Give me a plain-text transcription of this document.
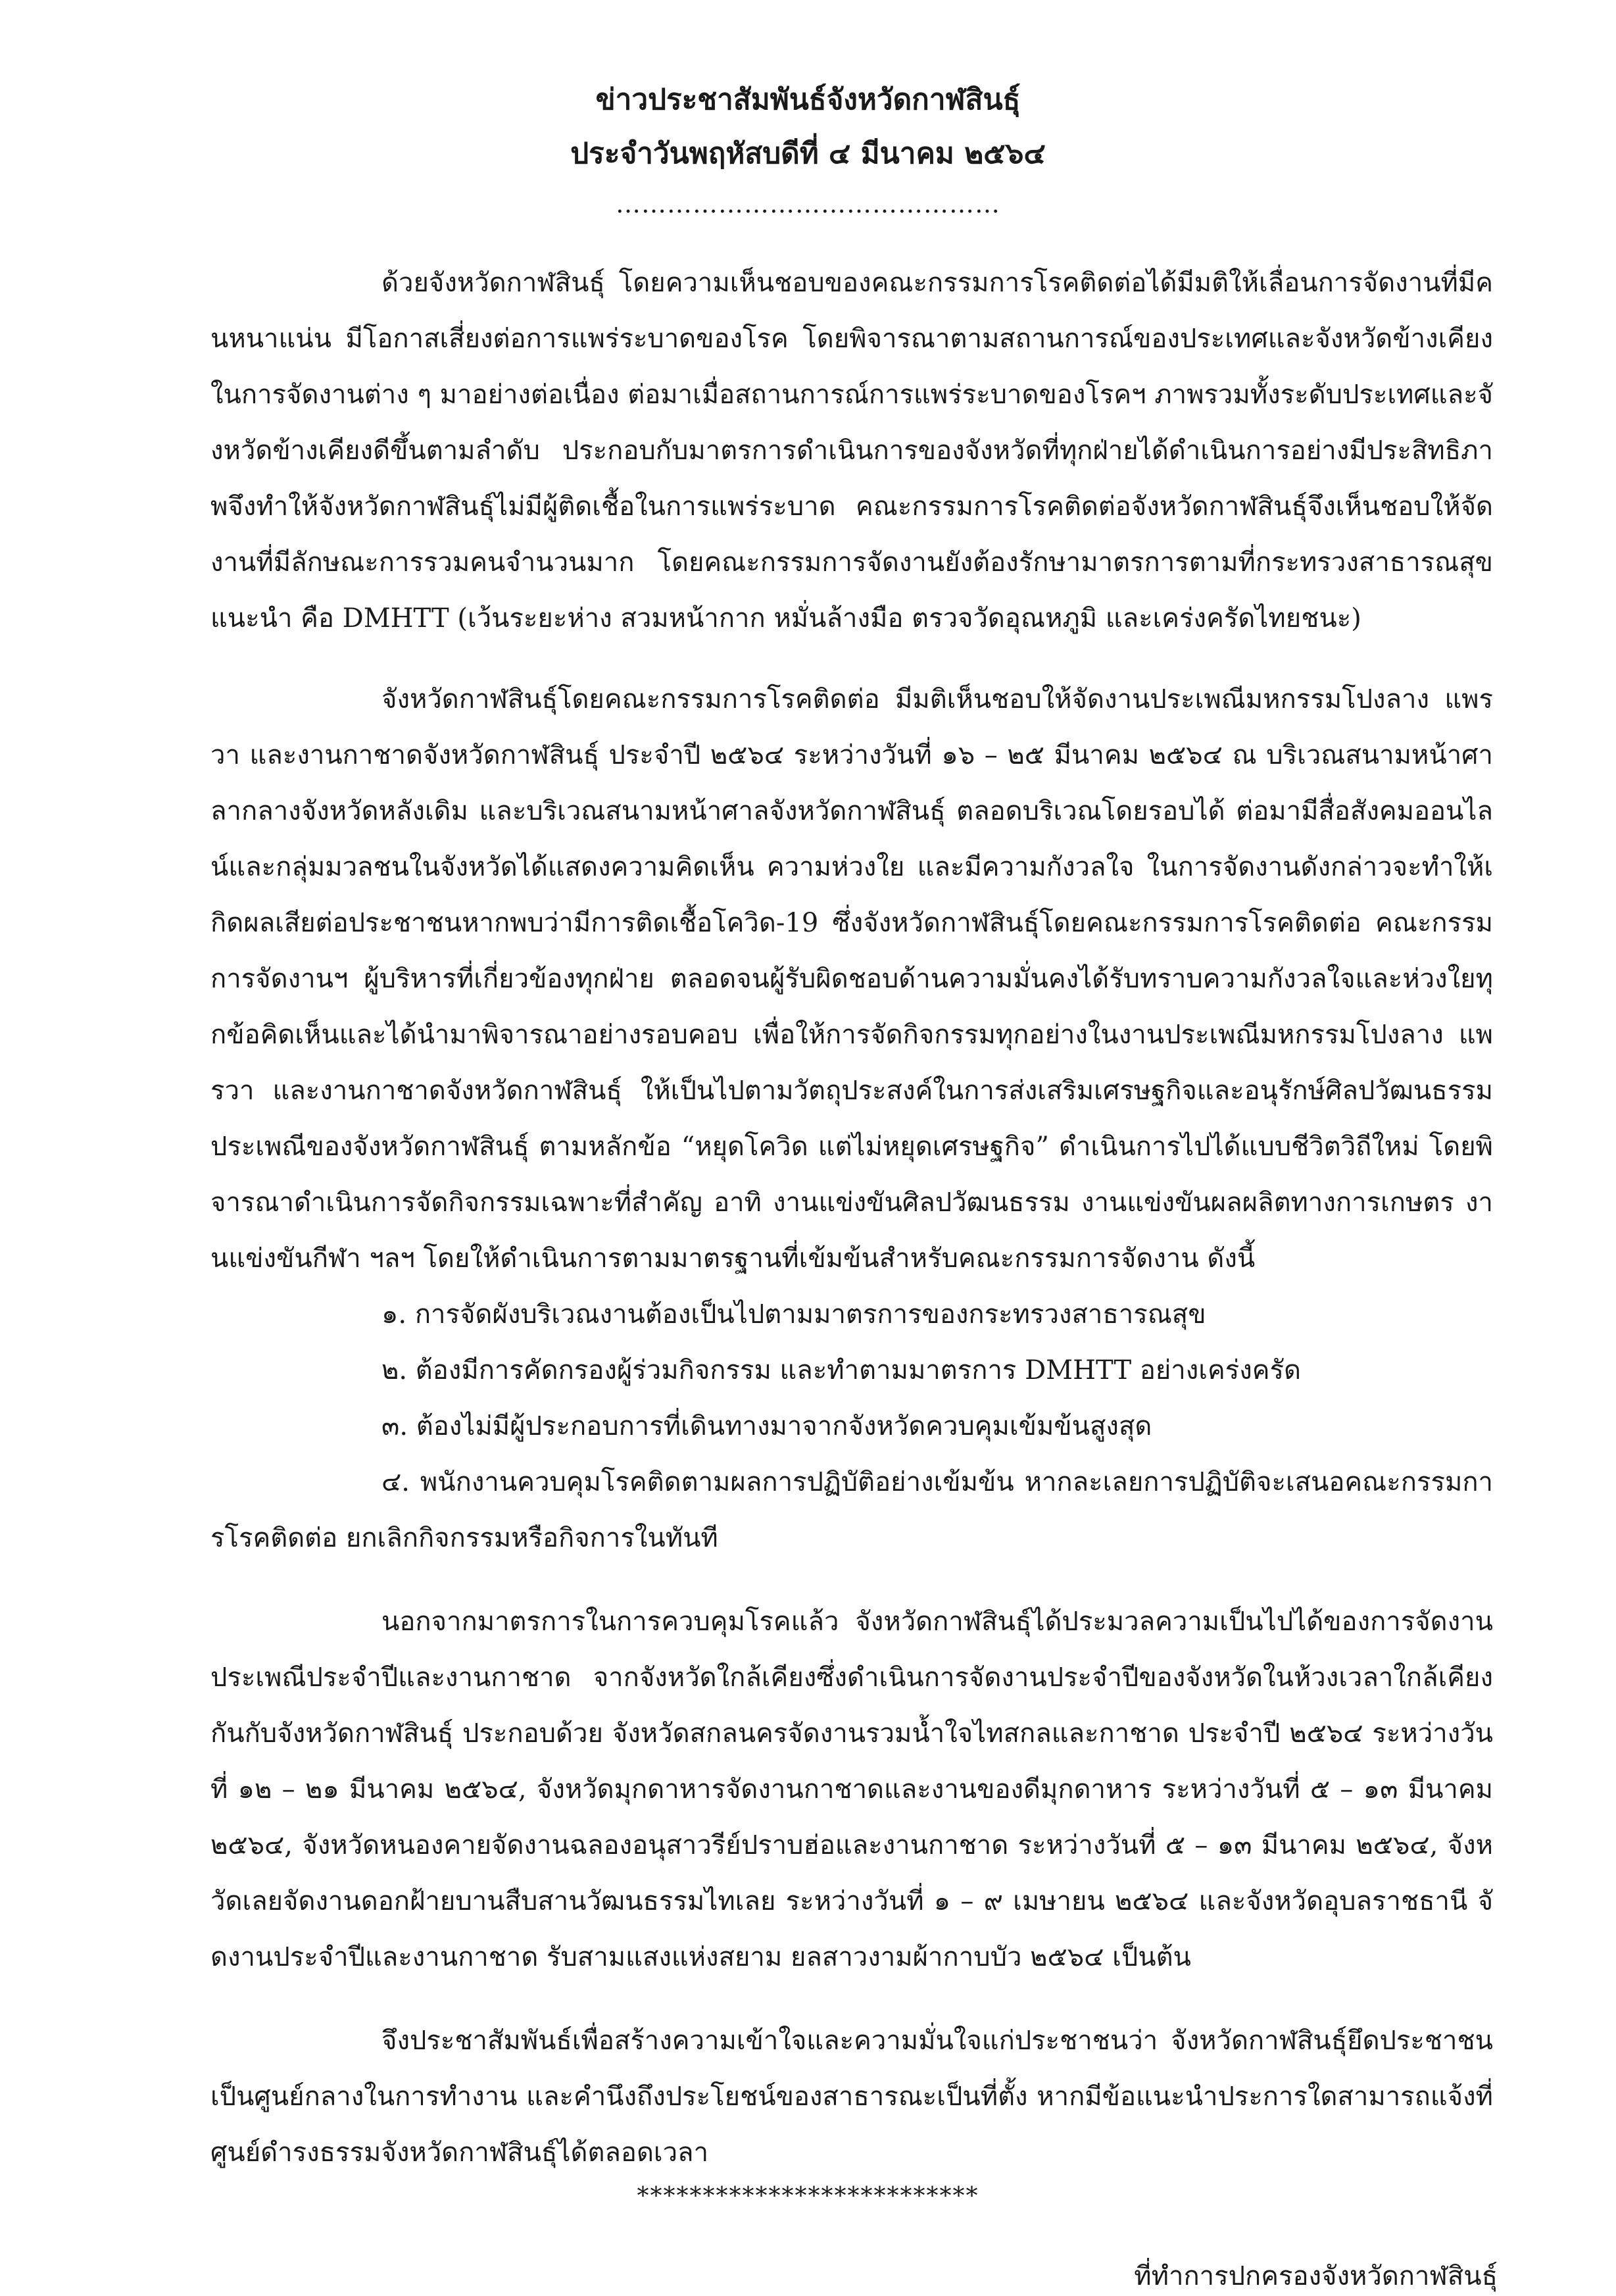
ข่าวประชาสัมพันธ์จังหวัดกาฬสินธุ์
ประจำวันพฤหัสบดีที่ ๔ มีนาคม ๒๕๖๔
………………………………………

ด้วยจังหวัดกาฬสินธุ์ โดยความเห็นชอบของคณะกรรมการโรคติดต่อได้มีมติให้เลื่อนการจัดงานที่มีคนหนาแน่น มีโอกาสเสี่ยงต่อการแพร่ระบาดของโรค โดยพิจารณาตามสถานการณ์ของประเทศและจังหวัดข้างเคียงในการจัดงานต่าง ๆ มาอย่างต่อเนื่อง ต่อมาเมื่อสถานการณ์การแพร่ระบาดของโรคฯ ภาพรวมทั้งระดับประเทศและจังหวัดข้างเคียงดีขึ้นตามลำดับ ประกอบกับมาตรการดำเนินการของจังหวัดที่ทุกฝ่ายได้ดำเนินการอย่างมีประสิทธิภาพจึงทำให้จังหวัดกาฬสินธุ์ไม่มีผู้ติดเชื้อในการแพร่ระบาด คณะกรรมการโรคติดต่อจังหวัดกาฬสินธุ์จึงเห็นชอบให้จัดงานที่มีลักษณะการรวมคนจำนวนมาก โดยคณะกรรมการจัดงานยังต้องรักษามาตรการตามที่กระทรวงสาธารณสุขแนะนำ คือ DMHTT (เว้นระยะห่าง สวมหน้ากาก หมั่นล้างมือ ตรวจวัดอุณหภูมิ และเคร่งครัดไทยชนะ)

จังหวัดกาฬสินธุ์โดยคณะกรรมการโรคติดต่อ มีมติเห็นชอบให้จัดงานประเพณีมหกรรมโปงลาง แพรวา และงานกาชาดจังหวัดกาฬสินธุ์ ประจำปี ๒๕๖๔ ระหว่างวันที่ ๑๖ – ๒๕ มีนาคม ๒๕๖๔ ณ บริเวณสนามหน้าศาลากลางจังหวัดหลังเดิม และบริเวณสนามหน้าศาลจังหวัดกาฬสินธุ์ ตลอดบริเวณโดยรอบได้ ต่อมามีสื่อสังคมออนไลน์และกลุ่มมวลชนในจังหวัดได้แสดงความคิดเห็น ความห่วงใย และมีความกังวลใจ ในการจัดงานดังกล่าวจะทำให้เกิดผลเสียต่อประชาชนหากพบว่ามีการติดเชื้อโควิด-19 ซึ่งจังหวัดกาฬสินธุ์โดยคณะกรรมการโรคติดต่อ คณะกรรมการจัดงานฯ ผู้บริหารที่เกี่ยวข้องทุกฝ่าย ตลอดจนผู้รับผิดชอบด้านความมั่นคงได้รับทราบความกังวลใจและห่วงใยทุกข้อคิดเห็นและได้นำมาพิจารณาอย่างรอบคอบ เพื่อให้การจัดกิจกรรมทุกอย่างในงานประเพณีมหกรรมโปงลาง แพรวา และงานกาชาดจังหวัดกาฬสินธุ์ ให้เป็นไปตามวัตถุประสงค์ในการส่งเสริมเศรษฐกิจและอนุรักษ์ศิลปวัฒนธรรม ประเพณีของจังหวัดกาฬสินธุ์ ตามหลักข้อ “หยุดโควิด แต่ไม่หยุดเศรษฐกิจ” ดำเนินการไปได้แบบชีวิตวิถีใหม่ โดยพิจารณาดำเนินการจัดกิจกรรมเฉพาะที่สำคัญ อาทิ งานแข่งขันศิลปวัฒนธรรม งานแข่งขันผลผลิตทางการเกษตร งานแข่งขันกีฬา ฯลฯ โดยให้ดำเนินการตามมาตรฐานที่เข้มข้นสำหรับคณะกรรมการจัดงาน ดังนี้

๑. การจัดผังบริเวณงานต้องเป็นไปตามมาตรการของกระทรวงสาธารณสุข

๒. ต้องมีการคัดกรองผู้ร่วมกิจกรรม และทำตามมาตรการ DMHTT อย่างเคร่งครัด

๓. ต้องไม่มีผู้ประกอบการที่เดินทางมาจากจังหวัดควบคุมเข้มข้นสูงสุด

๔. พนักงานควบคุมโรคติดตามผลการปฏิบัติอย่างเข้มข้น หากละเลยการปฏิบัติจะเสนอคณะกรรมการโรคติดต่อ ยกเลิกกิจกรรมหรือกิจการในทันที

นอกจากมาตรการในการควบคุมโรคแล้ว จังหวัดกาฬสินธุ์ได้ประมวลความเป็นไปได้ของการจัดงานประเพณีประจำปีและงานกาชาด จากจังหวัดใกล้เคียงซึ่งดำเนินการจัดงานประจำปีของจังหวัดในห้วงเวลาใกล้เคียงกันกับจังหวัดกาฬสินธุ์ ประกอบด้วย จังหวัดสกลนครจัดงานรวมน้ำใจไทสกลและกาชาด ประจำปี ๒๕๖๔ ระหว่างวันที่ ๑๒ – ๒๑ มีนาคม ๒๕๖๔, จังหวัดมุกดาหารจัดงานกาชาดและงานของดีมุกดาหาร ระหว่างวันที่ ๕ – ๑๓ มีนาคม ๒๕๖๔, จังหวัดหนองคายจัดงานฉลองอนุสาวรีย์ปราบฮ่อและงานกาชาด ระหว่างวันที่ ๕ – ๑๓ มีนาคม ๒๕๖๔, จังหวัดเลยจัดงานดอกฝ้ายบานสืบสานวัฒนธรรมไทเลย ระหว่างวันที่ ๑ – ๙ เมษายน ๒๕๖๔ และจังหวัดอุบลราชธานี จัดงานประจำปีและงานกาชาด รับสามแสงแห่งสยาม ยลสาวงามผ้ากาบบัว ๒๕๖๔ เป็นต้น

จึงประชาสัมพันธ์เพื่อสร้างความเข้าใจและความมั่นใจแก่ประชาชนว่า จังหวัดกาฬสินธุ์ยึดประชาชนเป็นศูนย์กลางในการทำงาน และคำนึงถึงประโยชน์ของสาธารณะเป็นที่ตั้ง หากมีข้อแนะนำประการใดสามารถแจ้งที่ศูนย์ดำรงธรรมจังหวัดกาฬสินธุ์ได้ตลอดเวลา

**************************
ที่ทำการปกครองจังหวัดกาฬสินธุ์
